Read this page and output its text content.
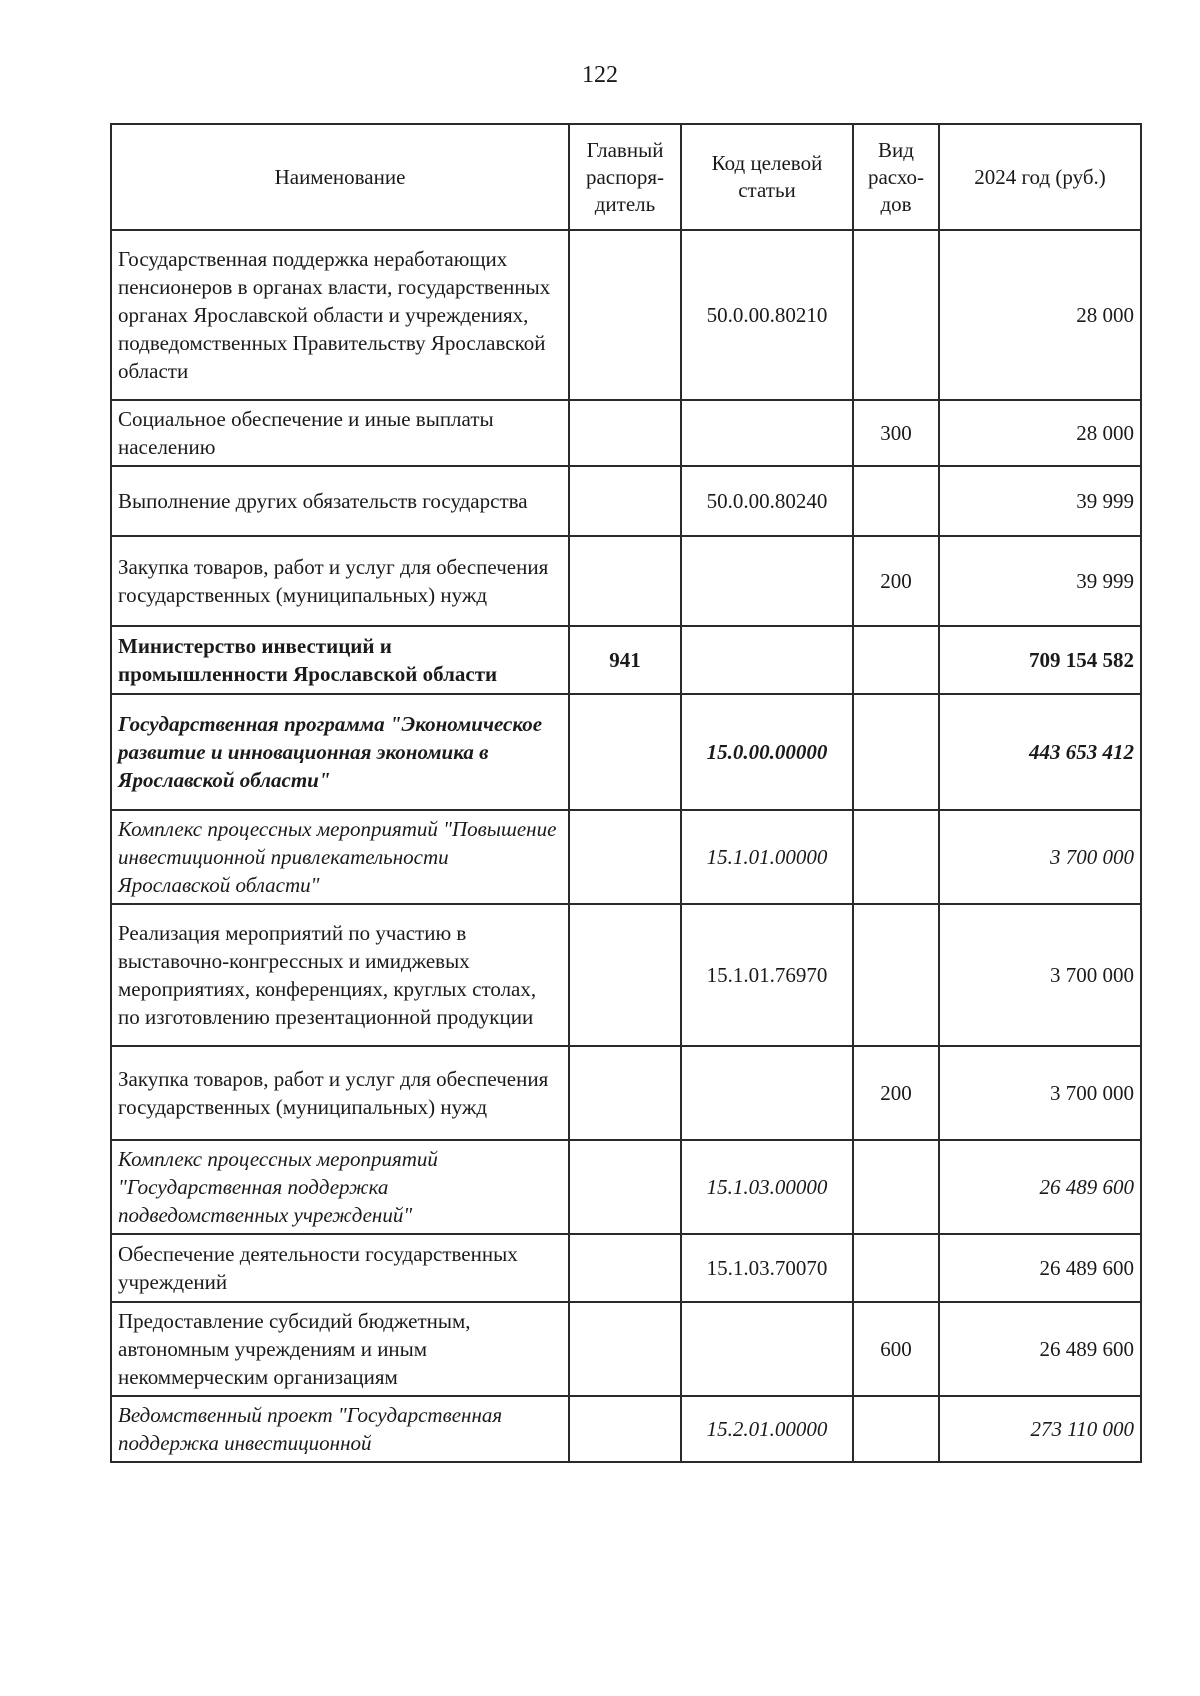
122
Наименование	Главный распоря-дитель	Код целевой статьи	Вид расхо-дов	2024 год (руб.)
Государственная поддержка неработающих пенсионеров в органах власти, государственных органах Ярославской области и учреждениях, подведомственных Правительству Ярославской области		50.0.00.80210		28 000
Социальное обеспечение и иные выплаты населению			300	28 000
Выполнение других обязательств государства		50.0.00.80240		39 999
Закупка товаров, работ и услуг для обеспечения государственных (муниципальных) нужд			200	39 999
Министерство инвестиций и промышленности Ярославской области	941			709 154 582
Государственная программа "Экономическое развитие и инновационная экономика в Ярославской области"		15.0.00.00000		443 653 412
Комплекс процессных мероприятий "Повышение инвестиционной привлекательности Ярославской области"		15.1.01.00000		3 700 000
Реализация мероприятий по участию в выставочно-конгрессных и имиджевых мероприятиях, конференциях, круглых столах, по изготовлению презентационной продукции		15.1.01.76970		3 700 000
Закупка товаров, работ и услуг для обеспечения государственных (муниципальных) нужд			200	3 700 000
Комплекс процессных мероприятий "Государственная поддержка подведомственных учреждений"		15.1.03.00000		26 489 600
Обеспечение деятельности государственных учреждений		15.1.03.70070		26 489 600
Предоставление субсидий бюджетным, автономным учреждениям и иным некоммерческим организациям			600	26 489 600
Ведомственный проект "Государственная поддержка инвестиционной		15.2.01.00000		273 110 000
